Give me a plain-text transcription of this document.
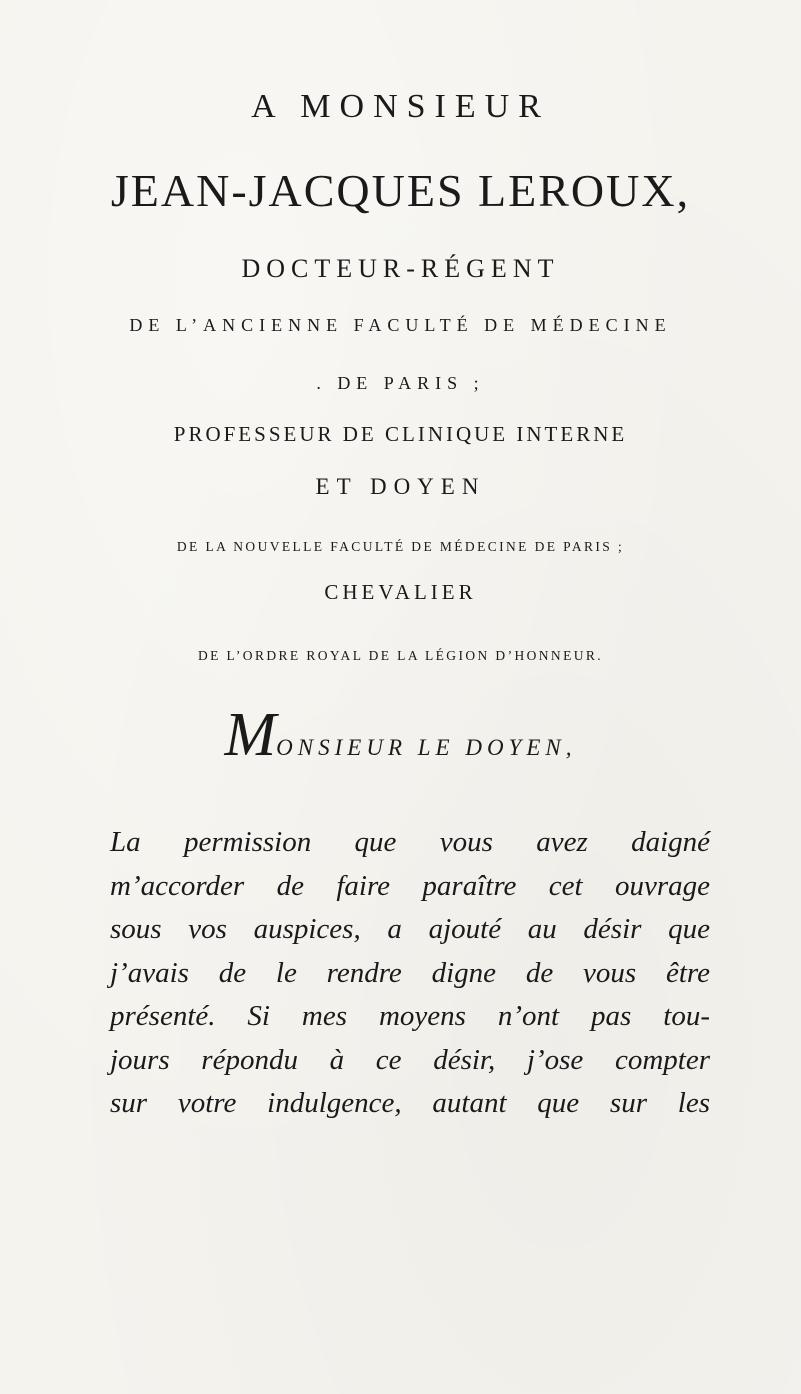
A MONSIEUR
JEAN-JACQUES LEROUX,
DOCTEUR-RÉGENT
DE L’ANCIENNE FACULTÉ DE MÉDECINE
. DE PARIS ;
PROFESSEUR DE CLINIQUE INTERNE
ET DOYEN
DE LA NOUVELLE FACULTÉ DE MÉDECINE DE PARIS ;
CHEVALIER
DE L’ORDRE ROYAL DE LA LÉGION D’HONNEUR.
MONSIEUR LE DOYEN,
La permission que vous avez daigné
m’accorder de faire paraître cet ouvrage
sous vos auspices, a ajouté au désir que
j’avais de le rendre digne de vous être
présenté. Si mes moyens n’ont pas tou-
jours répondu à ce désir, j’ose compter
sur votre indulgence, autant que sur les
